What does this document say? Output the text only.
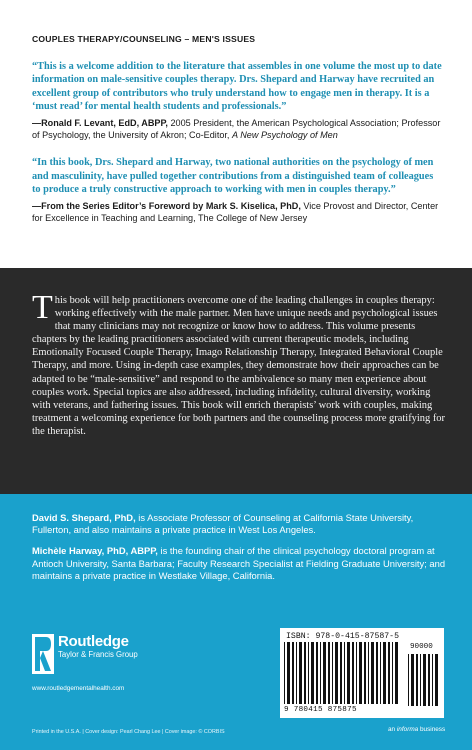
COUPLES THERAPY/COUNSELING – MEN'S ISSUES
“This is a welcome addition to the literature that assembles in one volume the most up to date information on male-sensitive couples therapy. Drs. Shepard and Harway have recruited an excellent group of contributors who truly understand how to engage men in therapy. It is a ‘must read’ for mental health students and professionals.”
—Ronald F. Levant, EdD, ABPP, 2005 President, the American Psychological Association; Professor of Psychology, the University of Akron; Co-Editor, A New Psychology of Men
“In this book, Drs. Shepard and Harway, two national authorities on the psychology of men and masculinity, have pulled together contributions from a distinguished team of colleagues to produce a truly constructive approach to working with men in couples therapy.”
—From the Series Editor’s Foreword by Mark S. Kiselica, PhD, Vice Provost and Director, Center for Excellence in Teaching and Learning, The College of New Jersey
This book will help practitioners overcome one of the leading challenges in couples therapy: working effectively with the male partner. Men have unique needs and psychological issues that many clinicians may not recognize or know how to address. This volume presents chapters by the leading practitioners associated with current therapeutic models, including Emotionally Focused Couple Therapy, Imago Relationship Therapy, Integrated Behavioral Couple Therapy, and more. Using in-depth case examples, they demonstrate how their approaches can be adapted to be “male-sensitive” and respond to the ambivalence so many men experience about couples work. Special topics are also addressed, including infidelity, cultural diversity, working with veterans, and fathering issues. This book will enrich therapists’ work with couples, making treatment a welcoming experience for both partners and the counseling process more gratifying for the therapist.

David S. Shepard, PhD, is Associate Professor of Counseling at California State University, Fullerton, and also maintains a private practice in West Los Angeles.

Michèle Harway, PhD, ABPP, is the founding chair of the clinical psychology doctoral program at Antioch University, Santa Barbara; Faculty Research Specialist at Fielding Graduate University; and maintains a private practice in Westlake Village, California.

Routledge
Taylor & Francis Group
www.routledgementalhealth.com
ISBN: 978-0-415-87587-5
90000
9 780415 875875
Printed in the U.S.A. | Cover design: Pearl Chang Lee | Cover image: © CORBIS	an informa business
